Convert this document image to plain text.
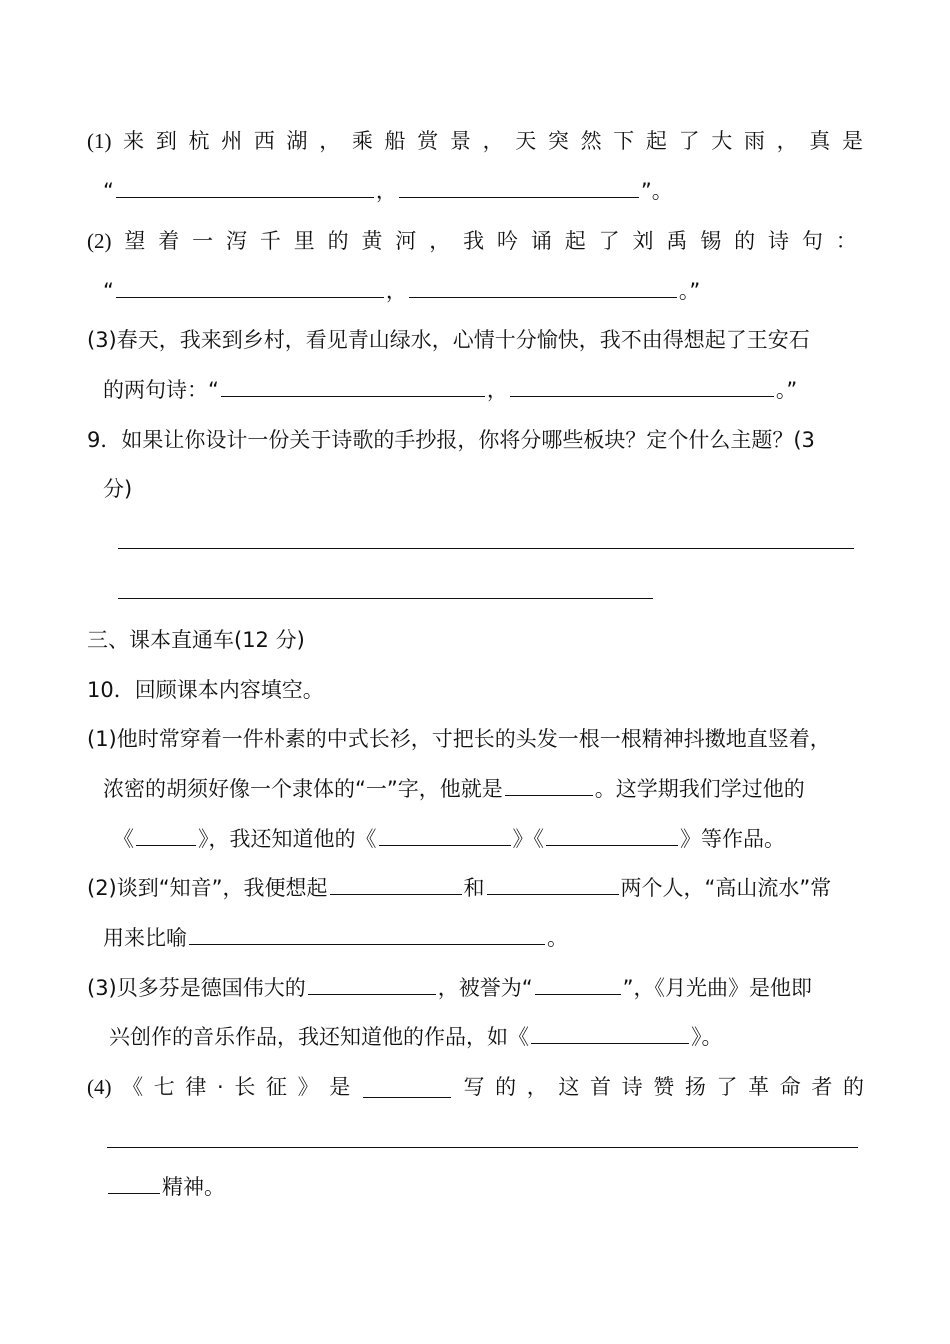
(1) 来 到 杭 州 西 湖 ， 乘 船 赏 景 ， 天 突 然 下 起 了 大 雨 ， 真 是
“	，	”。
(2) 望 着 一 泻 千 里 的 黄 河 ， 我 吟 诵 起 了 刘 禹 锡 的 诗 句 ：
“	，	。”
(3)春天，我来到乡村，看见青山绿水，心情十分愉快，我不由得想起了王安石
的两句诗：“	，	。”
9．如果让你设计一份关于诗歌的手抄报，你将分哪些板块？定个什么主题？(3
分)
三、课本直通车(12 分)
10．回顾课本内容填空。
(1)他时常穿着一件朴素的中式长衫，寸把长的头发一根一根精神抖擞地直竖着，
浓密的胡须好像一个隶体的“一”字，他就是	。这学期我们学过他的
《	》，我还知道他的《	》《	》等作品。
(2)谈到“知音”，我便想起	和	两个人，“高山流水”常
用来比喻	。
(3)贝多芬是德国伟大的	，被誉为“	”，《月光曲》是他即
兴创作的音乐作品，我还知道他的作品，如《	》。
(4) 《 七 律 · 长 征 》 是	写 的 ， 这 首 诗 赞 扬 了 革 命 者 的
精神。
